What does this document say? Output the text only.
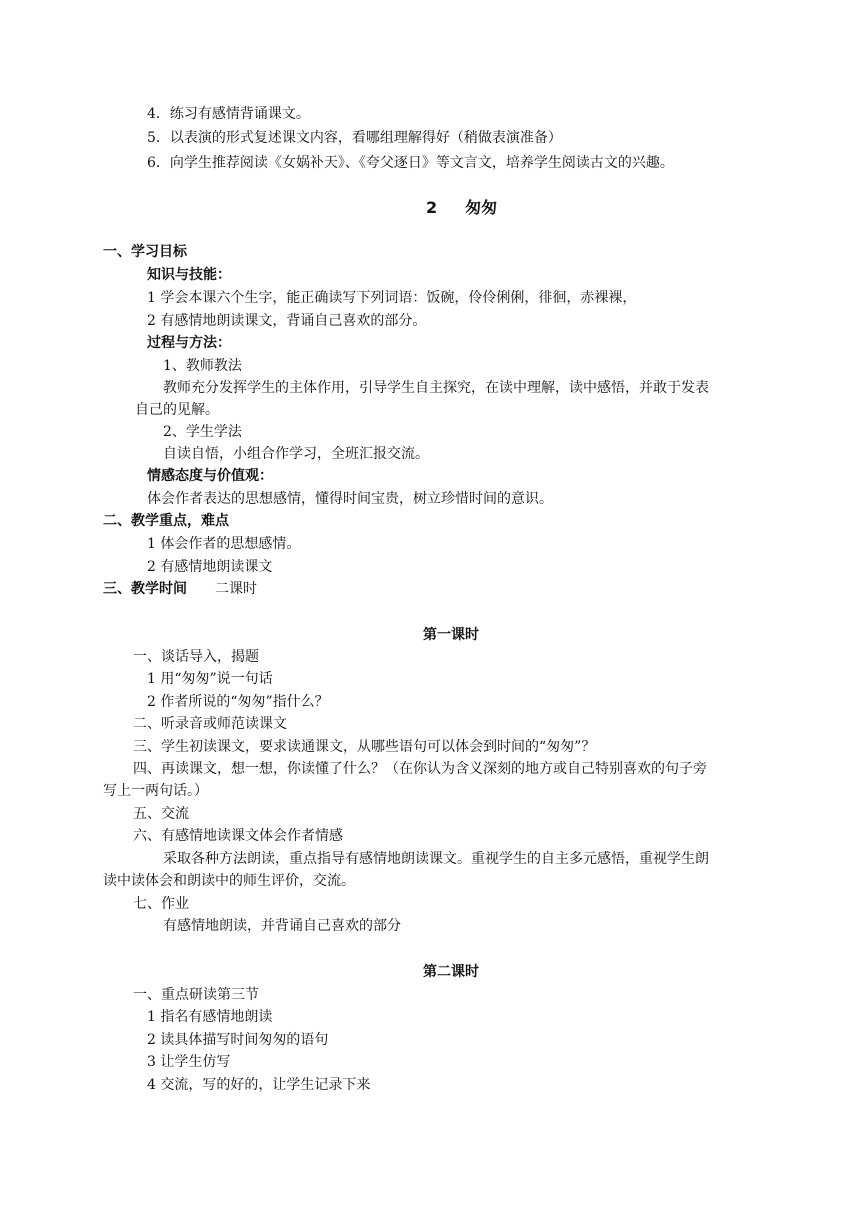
4．练习有感情背诵课文。
5．以表演的形式复述课文内容，看哪组理解得好（稍做表演准备）
6．向学生推荐阅读《女娲补天》、《夸父逐日》等文言文，培养学生阅读古文的兴趣。
2 匆匆
一、学习目标
知识与技能：
1 学会本课六个生字，能正确读写下列词语：饭碗，伶伶俐俐，徘徊，赤裸裸，
2 有感情地朗读课文，背诵自己喜欢的部分。
过程与方法：
1、教师教法
教师充分发挥学生的主体作用，引导学生自主探究，在读中理解，读中感悟，并敢于发表
自己的见解。
2、学生学法
自读自悟，小组合作学习，全班汇报交流。
情感态度与价值观：
体会作者表达的思想感情，懂得时间宝贵，树立珍惜时间的意识。
二、教学重点，难点
1 体会作者的思想感情。
2 有感情地朗读课文
三、教学时间 二课时
第一课时
一、谈话导入，揭题
1 用“匆匆”说一句话
2 作者所说的“匆匆”指什么？
二、听录音或师范读课文
三、学生初读课文，要求读通课文，从哪些语句可以体会到时间的“匆匆”？
四、再读课文，想一想，你读懂了什么？（在你认为含义深刻的地方或自己特别喜欢的句子旁
写上一两句话。）
五、交流
六、有感情地读课文体会作者情感
采取各种方法朗读，重点指导有感情地朗读课文。重视学生的自主多元感悟，重视学生朗
读中读体会和朗读中的师生评价，交流。
七、作业
有感情地朗读，并背诵自己喜欢的部分
第二课时
一、重点研读第三节
1 指名有感情地朗读
2 读具体描写时间匆匆的语句
3 让学生仿写
4 交流，写的好的，让学生记录下来
